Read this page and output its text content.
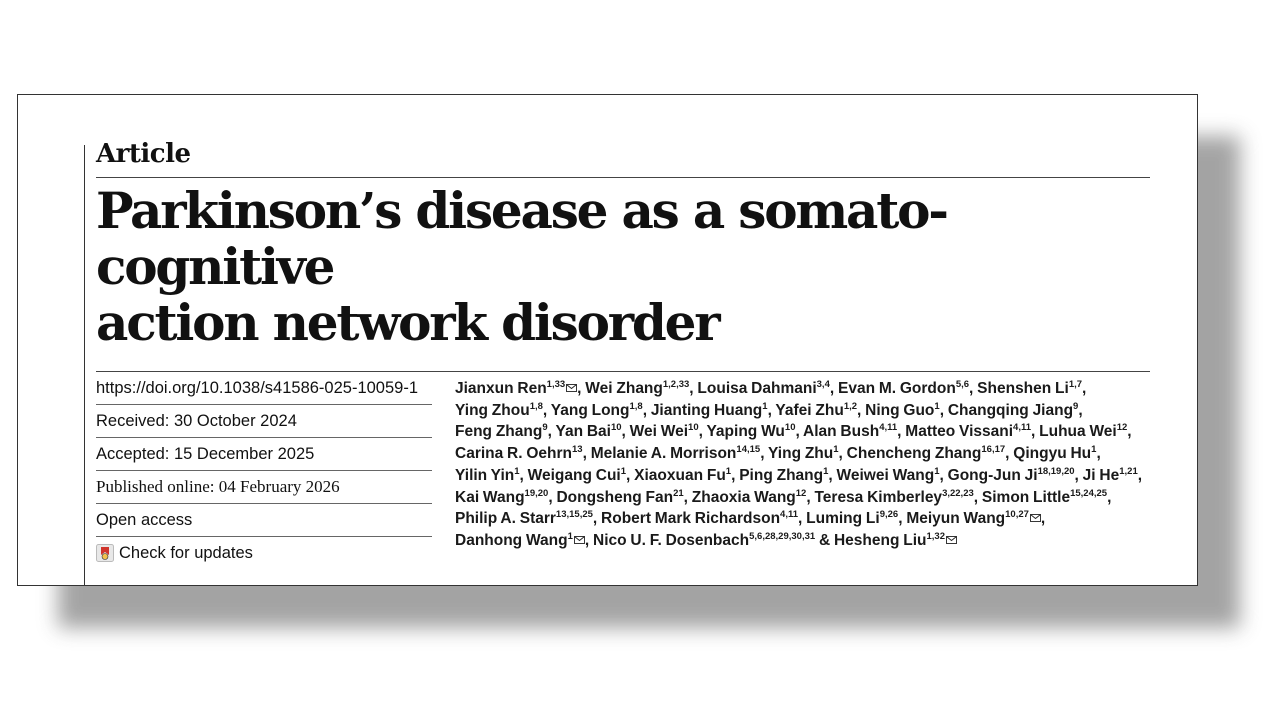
Article
Parkinson’s disease as a somato-cognitive
action network disorder
https://doi.org/10.1038/s41586-025-10059-1
Received: 30 October 2024
Accepted: 15 December 2025
Published online: 04 February 2026
Open access
Check for updates
Jianxun Ren$^{1,33}$ , Wei Zhang$^{1,2,33}$, Louisa Dahmani$^{3,4}$, Evan M. Gordon$^{5,6}$, Shenshen Li$^{1,7}$, Ying Zhou$^{1,8}$, Yang Long$^{1,8}$, Jianting Huang$^1$, Yafei Zhu$^{1,2}$, Ning Guo$^1$, Changqing Jiang$^9$, Feng Zhang$^9$, Yan Bai$^{10}$, Wei Wei$^{10}$, Yaping Wu$^{10}$, Alan Bush$^{4,11}$, Matteo Vissani$^{4,11}$, Luhua Wei$^{12}$, Carina R. Oehrn$^{13}$, Melanie A. Morrison$^{14,15}$, Ying Zhu$^1$, Chencheng Zhang$^{16,17}$, Qingyu Hu$^1$, Yilin Yin$^1$, Weigang Cui$^1$, Xiaoxuan Fu$^1$, Ping Zhang$^1$, Weiwei Wang$^1$, Gong-Jun Ji$^{18,19,20}$, Ji He$^{1,21}$, Kai Wang$^{19,20}$, Dongsheng Fan$^{21}$, Zhaoxia Wang$^{12}$, Teresa Kimberley$^{3,22,23}$, Simon Little$^{15,24,25}$, Philip A. Starr$^{13,15,25}$, Robert Mark Richardson$^{4,11}$, Luming Li$^{9,26}$, Meiyun Wang$^{10,27}$ , Danhong Wang$^1$ , Nico U. F. Dosenbach$^{5,6,28,29,30,31}$ & Hesheng Liu$^{1,32}$
